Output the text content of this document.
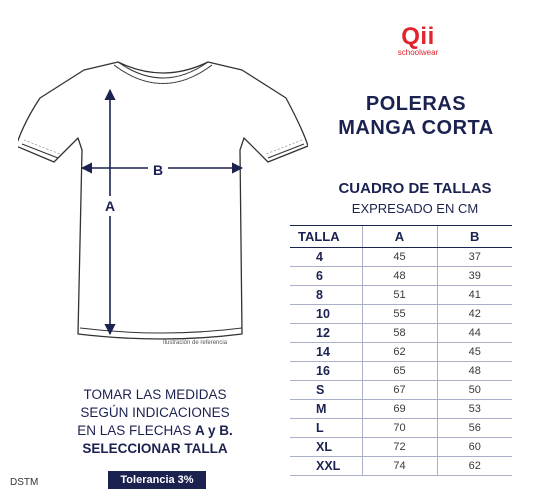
Qii
schoolwear
POLERAS
MANGA CORTA
CUADRO DE TALLAS
EXPRESADO EN CM
TALLA	A	B
4	45	37
6	48	39
8	51	41
10	55	42
12	58	44
14	62	45
16	65	48
S	67	50
M	69	53
L	70	56
XL	72	60
XXL	74	62
B
A
Ilustración de referencia
TOMAR LAS MEDIDAS
SEGÚN INDICACIONES
EN LAS FLECHAS A y B.
SELECCIONAR TALLA
Tolerancia 3%
DSTM
